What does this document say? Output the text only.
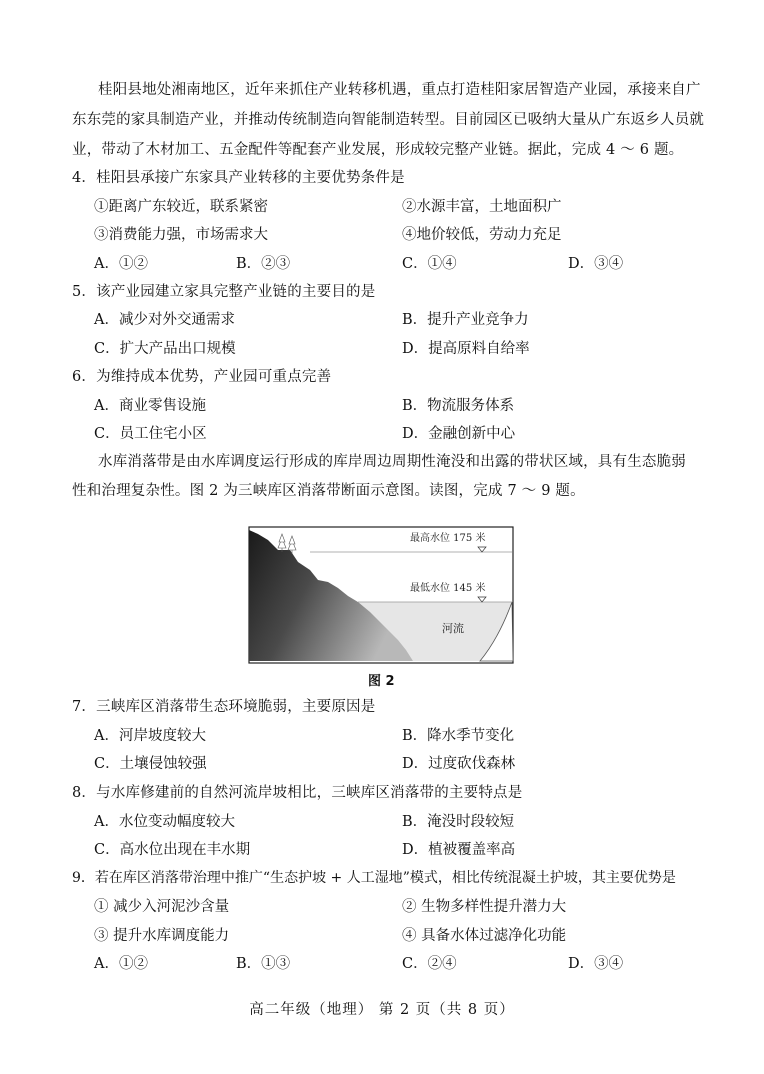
桂阳县地处湘南地区，近年来抓住产业转移机遇，重点打造桂阳家居智造产业园，承接来自广
东东莞的家具制造产业，并推动传统制造向智能制造转型。目前园区已吸纳大量从广东返乡人员就
业，带动了木材加工、五金配件等配套产业发展，形成较完整产业链。据此，完成 4 ～ 6 题。
4．桂阳县承接广东家具产业转移的主要优势条件是
①距离广东较近，联系紧密	②水源丰富，土地面积广
③消费能力强，市场需求大	④地价较低，劳动力充足
A．①②	B．②③	C．①④	D．③④
5．该产业园建立家具完整产业链的主要目的是
A．减少对外交通需求	B．提升产业竞争力
C．扩大产品出口规模	D．提高原料自给率
6．为维持成本优势，产业园可重点完善
A．商业零售设施	B．物流服务体系
C．员工住宅小区	D．金融创新中心
水库消落带是由水库调度运行形成的库岸周边周期性淹没和出露的带状区域，具有生态脆弱
性和治理复杂性。图 2 为三峡库区消落带断面示意图。读图，完成 7 ～ 9 题。
最高水位 175 米
最低水位 145 米
河流
图 2
7．三峡库区消落带生态环境脆弱，主要原因是
A．河岸坡度较大	B．降水季节变化
C．土壤侵蚀较强	D．过度砍伐森林
8．与水库修建前的自然河流岸坡相比，三峡库区消落带的主要特点是
A．水位变动幅度较大	B．淹没时段较短
C．高水位出现在丰水期	D．植被覆盖率高
9．若在库区消落带治理中推广“生态护坡 + 人工湿地”模式，相比传统混凝土护坡，其主要优势是
① 减少入河泥沙含量	② 生物多样性提升潜力大
③ 提升水库调度能力	④ 具备水体过滤净化功能
A．①②	B．①③	C．②④	D．③④
高二年级（地理） 第 2 页（共 8 页）
